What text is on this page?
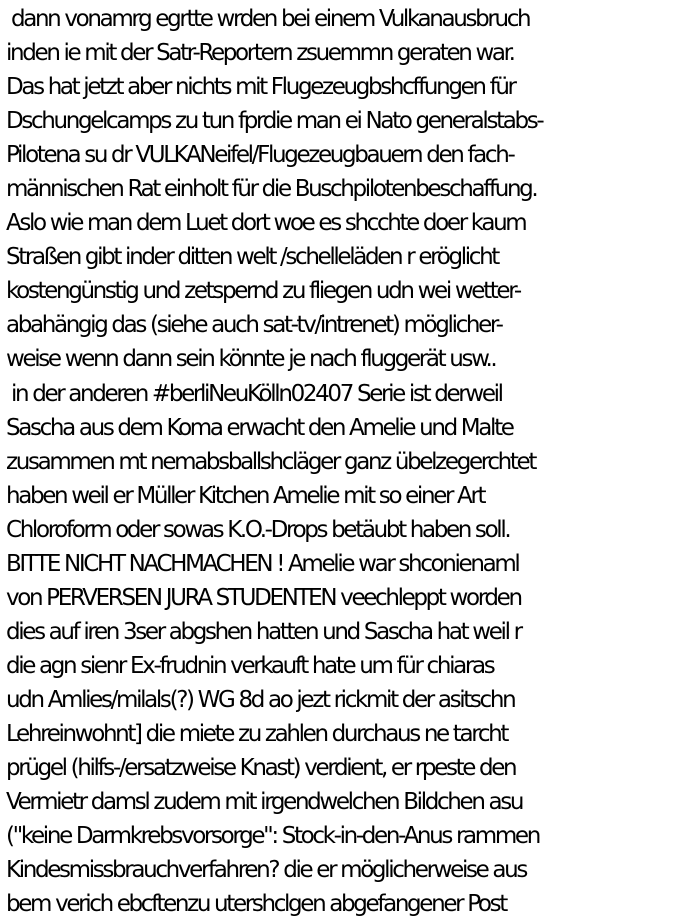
dann vonamrg egrtte wrden bei einem Vulkanausbruch
inden ie mit der Satr-Reportern zsuemmn geraten war.
Das hat jetzt aber nichts mit Flugezeugbshcffungen für
Dschungelcamps zu tun fprdie man ei Nato generalstabs-
Pilotena su dr VULKANeifel/Flugezeugbauern den fach-
männischen Rat einholt für die Buschpilotenbeschaffung.
Aslo wie man dem Luet dort woe es shcchte doer kaum
Straßen gibt inder ditten welt /schelleläden r eröglicht
kostengünstig und zetspernd zu fliegen udn wei wetter-
abahängig das (siehe auch sat-tv/intrenet) möglicher-
weise wenn dann sein könnte je nach fluggerät usw..
in der anderen #berliNeuKölln02407 Serie ist derweil
Sascha aus dem Koma erwacht den Amelie und Malte
zusammen mt nemabsballshcläger ganz übelzegerchtet
haben weil er Müller Kitchen Amelie mit so einer Art
Chloroform oder sowas K.O.-Drops betäubt haben soll.
BITTE NICHT NACHMACHEN ! Amelie war shconienaml
von PERVERSEN JURA STUDENTEN veechleppt worden
dies auf iren 3ser abgshen hatten und Sascha hat weil r
die agn sienr Ex-frudnin verkauft hate um für chiaras
udn Amlies/milals(?) WG 8d ao jezt rickmit der asitschn
Lehreinwohnt] die miete zu zahlen durchaus ne tarcht
prügel (hilfs-/ersatzweise Knast) verdient, er rpeste den
Vermietr damsl zudem mit irgendwelchen Bildchen asu
("keine Darmkrebsvorsorge": Stock-in-den-Anus rammen
Kindesmissbrauchverfahren? die er möglicherweise aus
bem verich ebcftenzu utershclgen abgefangener Post
